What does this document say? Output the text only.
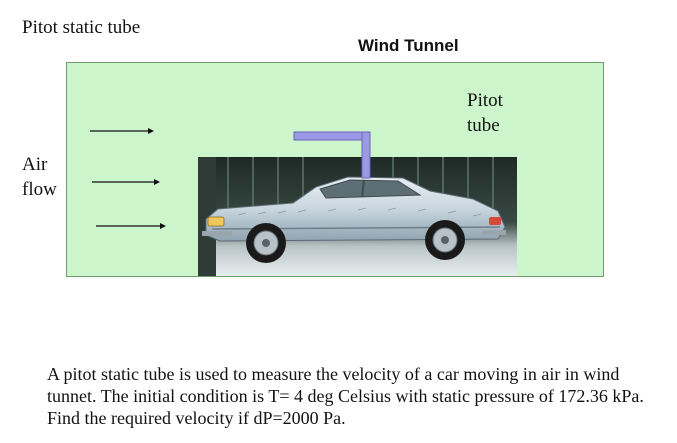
Pitot static tube
Wind Tunnel
Air
flow
Pitot
tube
A pitot static tube is used to measure the velocity of a car moving in air in wind tunnet. The initial condition is T= 4 deg Celsius with static pressure of 172.36 kPa. Find the required velocity if dP=2000 Pa.
